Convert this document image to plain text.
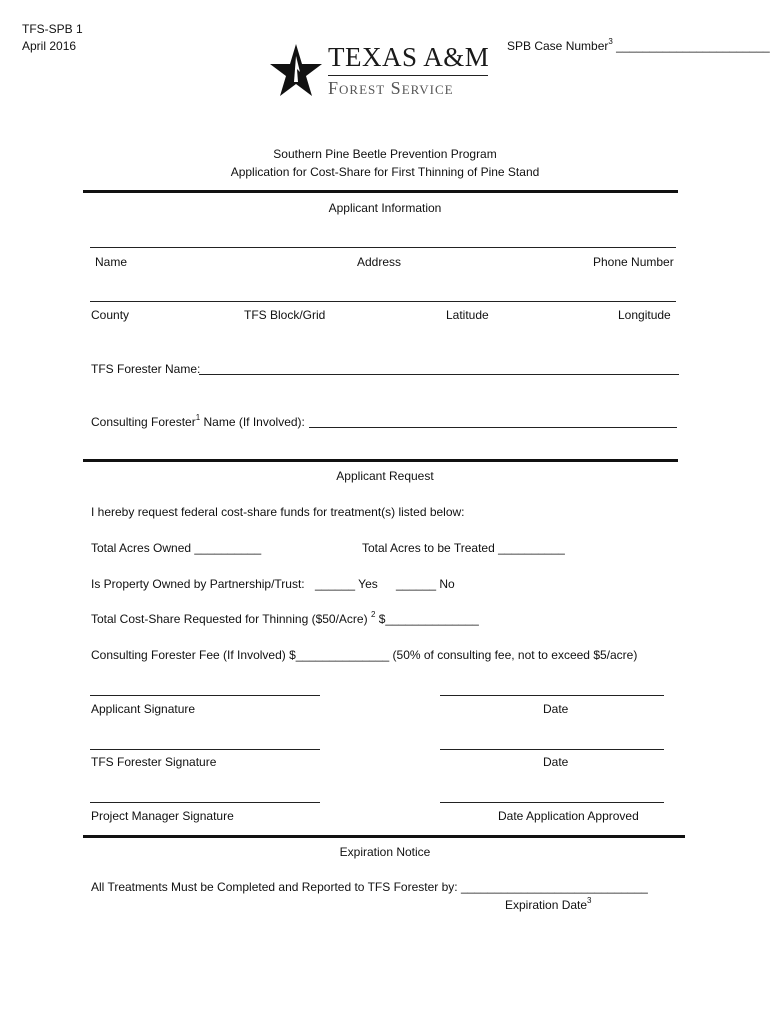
TFS-SPB 1
April 2016	SPB Case Number$^3$ _______________________
TEXAS A&M
Forest Service
Southern Pine Beetle Prevention Program
Application for Cost-Share for First Thinning of Pine Stand
Applicant Information
Name	Address	Phone Number
County	TFS Block/Grid	Latitude	Longitude
TFS Forester Name:
Consulting Forester$^1$ Name (If Involved):
Applicant Request
I hereby request federal cost-share funds for treatment(s) listed below:
Total Acres Owned __________	Total Acres to be Treated __________
Is Property Owned by Partnership/Trust: ______ Yes ______ No
Total Cost-Share Requested for Thinning ($50/Acre) $^2$ $______________
Consulting Forester Fee (If Involved) $______________ (50% of consulting fee, not to exceed $5/acre)
Applicant Signature	Date
TFS Forester Signature	Date
Project Manager Signature	Date Application Approved
Expiration Notice
All Treatments Must be Completed and Reported to TFS Forester by: ____________________________
Expiration Date$^3$
